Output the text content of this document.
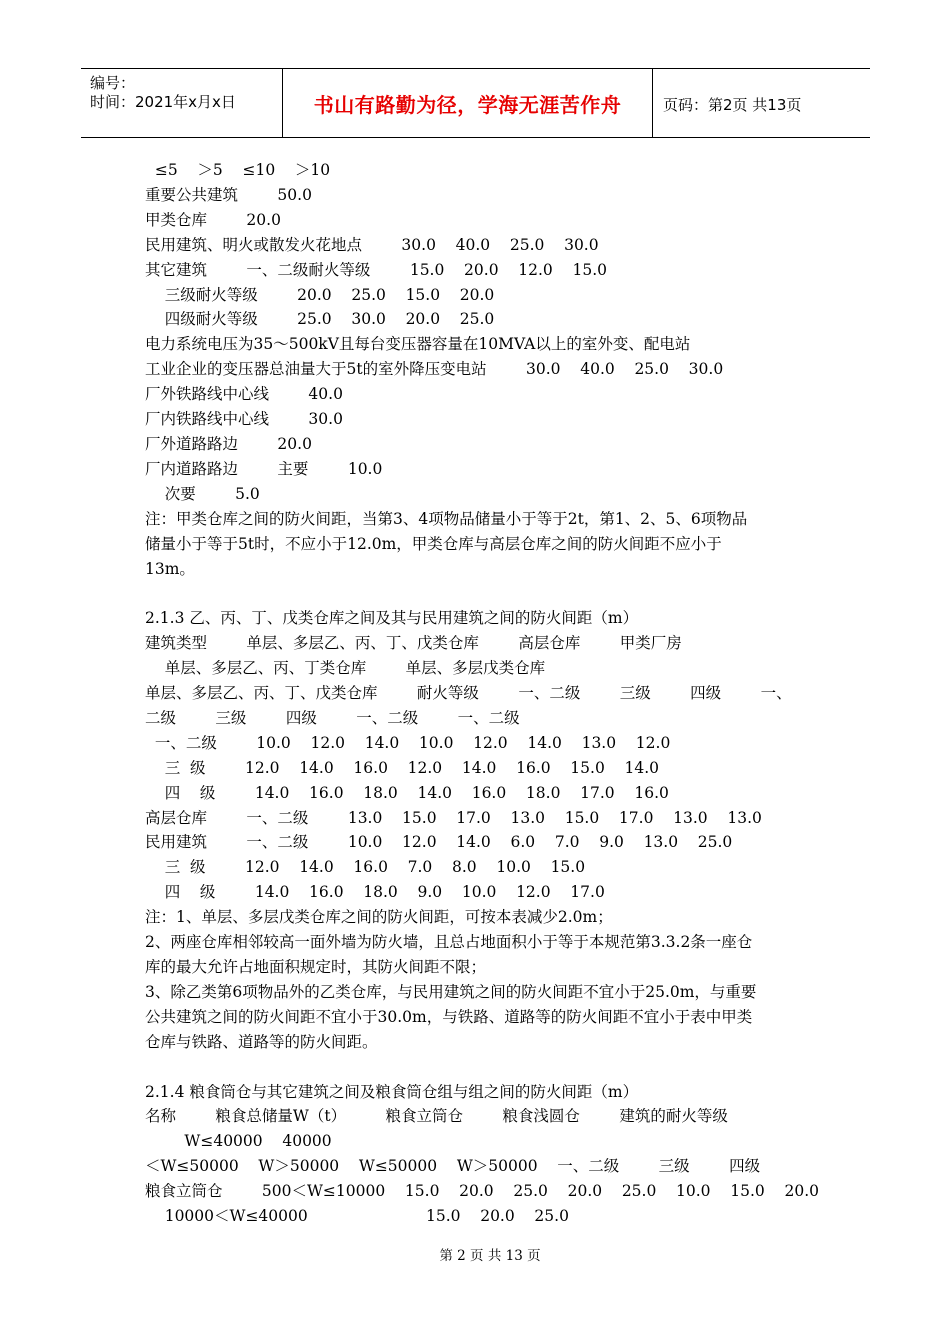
编号：
时间：2021年x月x日	书山有路勤为径，学海无涯苦作舟	页码：第2页 共13页

≤5    ＞5    ≤10    ＞10

重要公共建筑        50.0

甲类仓库        20.0

民用建筑、明火或散发火花地点        30.0    40.0    25.0    30.0

其它建筑        一、二级耐火等级        15.0    20.0    12.0    15.0

三级耐火等级        20.0    25.0    15.0    20.0

四级耐火等级        25.0    30.0    20.0    25.0

电力系统电压为35～500kV且每台变压器容量在10MVA以上的室外变、配电站

工业企业的变压器总油量大于5t的室外降压变电站        30.0    40.0    25.0    30.0

厂外铁路线中心线        40.0

厂内铁路线中心线        30.0

厂外道路路边        20.0

厂内道路路边        主要        10.0

次要        5.0

注：甲类仓库之间的防火间距，当第3、4项物品储量小于等于2t，第1、2、5、6项物品

储量小于等于5t时，不应小于12.0m，甲类仓库与高层仓库之间的防火间距不应小于

13m。

2.1.3 乙、丙、丁、戊类仓库之间及其与民用建筑之间的防火间距（m）

建筑类型        单层、多层乙、丙、丁、戊类仓库        高层仓库        甲类厂房

单层、多层乙、丙、丁类仓库        单层、多层戊类仓库

单层、多层乙、丙、丁、戊类仓库        耐火等级        一、二级        三级        四级        一、

二级        三级        四级        一、二级        一、二级

一、二级        10.0    12.0    14.0    10.0    12.0    14.0    13.0    12.0

三  级        12.0    14.0    16.0    12.0    14.0    16.0    15.0    14.0

四    级        14.0    16.0    18.0    14.0    16.0    18.0    17.0    16.0

高层仓库        一、二级        13.0    15.0    17.0    13.0    15.0    17.0    13.0    13.0

民用建筑        一、二级        10.0    12.0    14.0    6.0    7.0    9.0    13.0    25.0

三  级        12.0    14.0    16.0    7.0    8.0    10.0    15.0

四    级        14.0    16.0    18.0    9.0    10.0    12.0    17.0

注：1、单层、多层戊类仓库之间的防火间距，可按本表减少2.0m；

2、两座仓库相邻较高一面外墙为防火墙，且总占地面积小于等于本规范第3.3.2条一座仓

库的最大允许占地面积规定时，其防火间距不限；

3、除乙类第6项物品外的乙类仓库，与民用建筑之间的防火间距不宜小于25.0m，与重要

公共建筑之间的防火间距不宜小于30.0m，与铁路、道路等的防火间距不宜小于表中甲类

仓库与铁路、道路等的防火间距。

2.1.4 粮食筒仓与其它建筑之间及粮食筒仓组与组之间的防火间距（m）

名称        粮食总储量W（t）        粮食立筒仓        粮食浅圆仓        建筑的耐火等级

W≤40000    40000

＜W≤50000    W＞50000    W≤50000    W＞50000    一、二级        三级        四级

粮食立筒仓        500＜W≤10000    15.0    20.0    25.0    20.0    25.0    10.0    15.0    20.0

10000＜W≤40000                        15.0    20.0    25.0

第 2 页 共 13 页
